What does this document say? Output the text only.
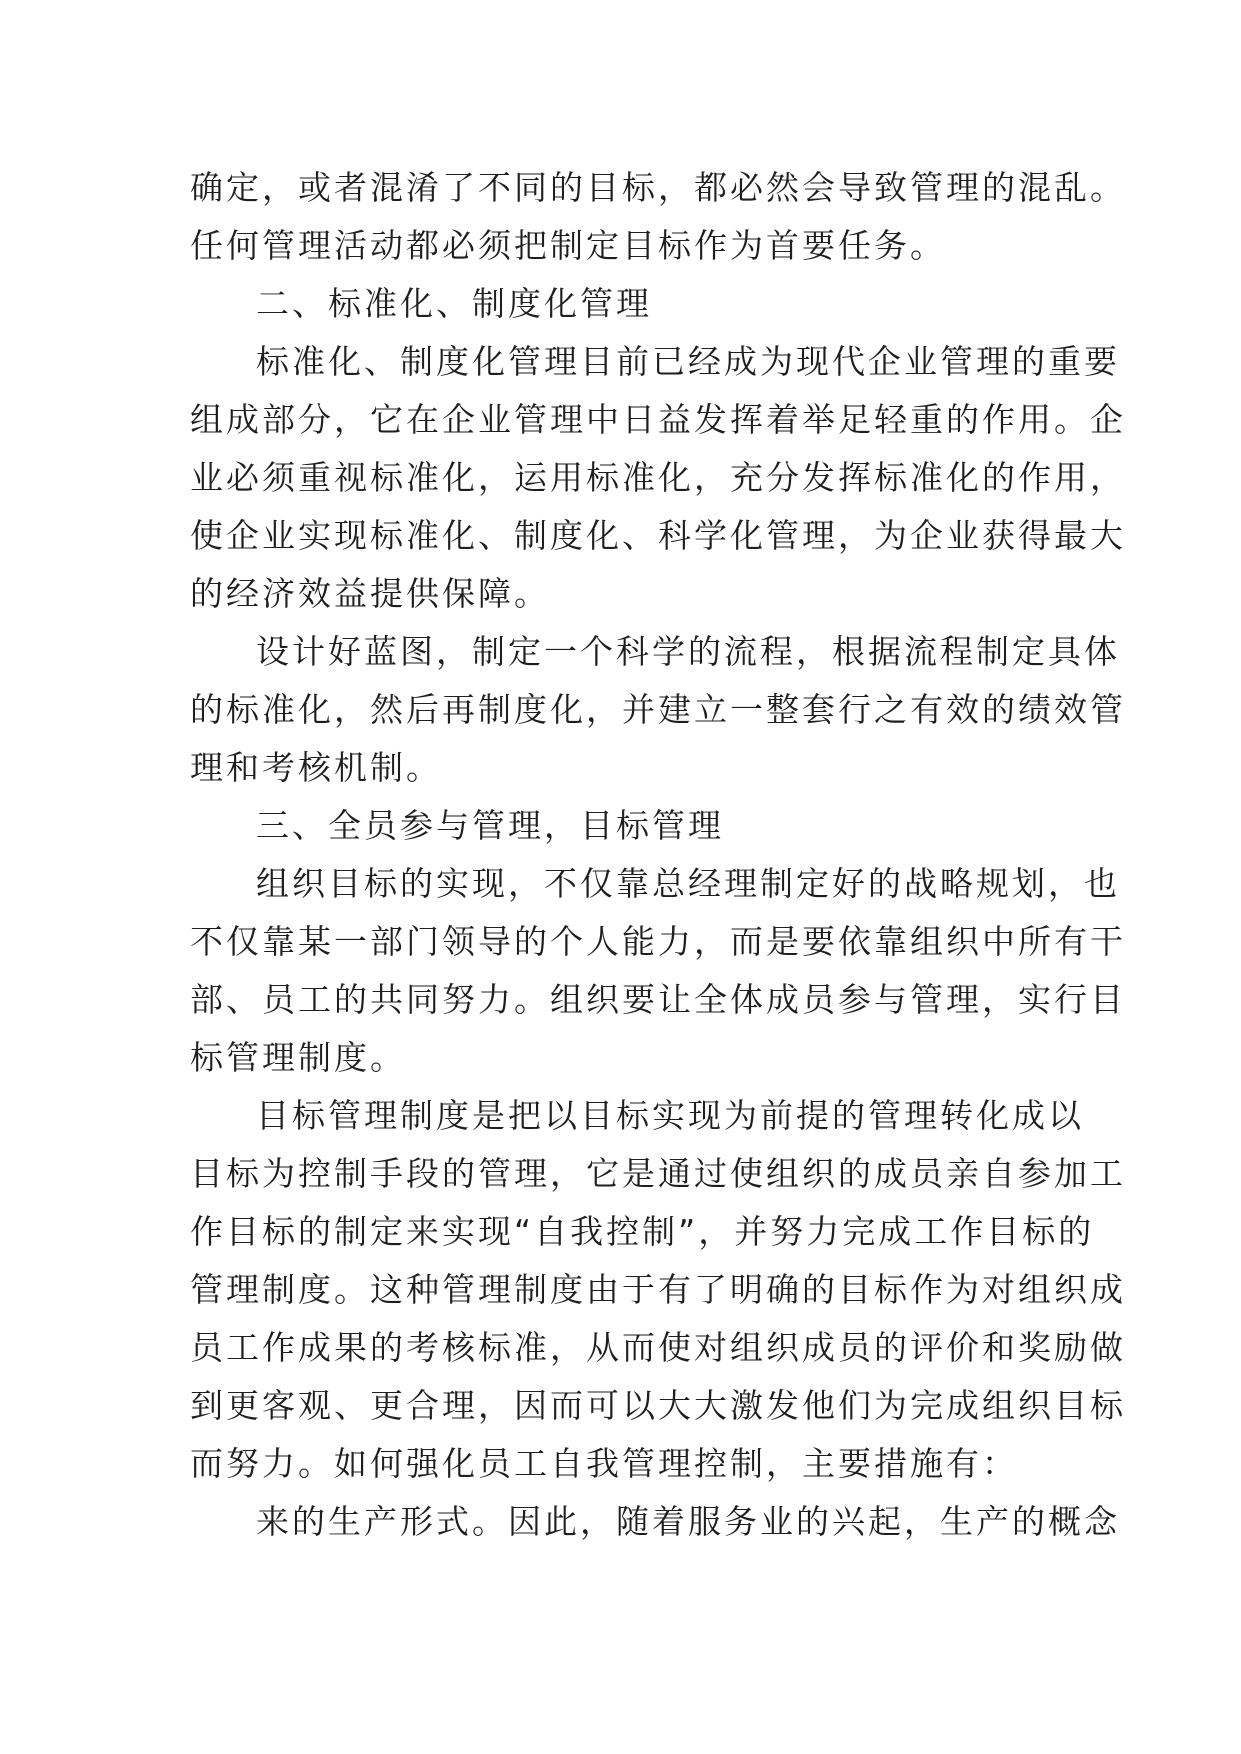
确定，或者混淆了不同的目标，都必然会导致管理的混乱。
任何管理活动都必须把制定目标作为首要任务。
二、标准化、制度化管理
标准化、制度化管理目前已经成为现代企业管理的重要
组成部分，它在企业管理中日益发挥着举足轻重的作用。企
业必须重视标准化，运用标准化，充分发挥标准化的作用，
使企业实现标准化、制度化、科学化管理，为企业获得最大
的经济效益提供保障。
设计好蓝图，制定一个科学的流程，根据流程制定具体
的标准化，然后再制度化，并建立一整套行之有效的绩效管
理和考核机制。
三、全员参与管理，目标管理
组织目标的实现，不仅靠总经理制定好的战略规划，也
不仅靠某一部门领导的个人能力，而是要依靠组织中所有干
部、员工的共同努力。组织要让全体成员参与管理，实行目
标管理制度。
目标管理制度是把以目标实现为前提的管理转化成以
目标为控制手段的管理，它是通过使组织的成员亲自参加工
作目标的制定来实现“自我控制”，并努力完成工作目标的
管理制度。这种管理制度由于有了明确的目标作为对组织成
员工作成果的考核标准，从而使对组织成员的评价和奖励做
到更客观、更合理，因而可以大大激发他们为完成组织目标
而努力。如何强化员工自我管理控制，主要措施有：
来的生产形式。因此，随着服务业的兴起，生产的概念
